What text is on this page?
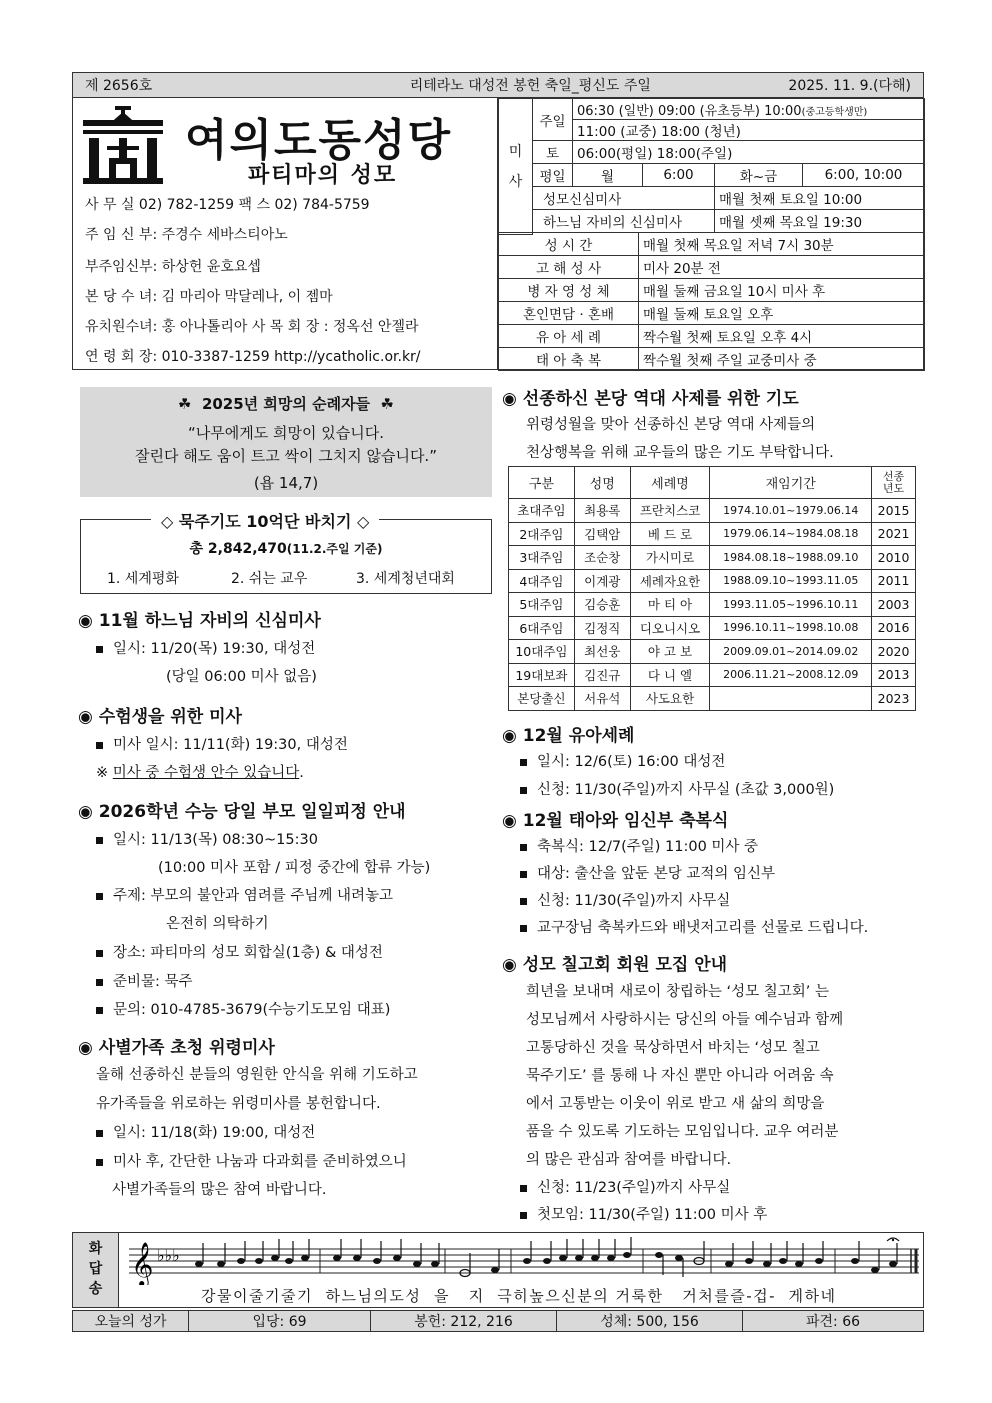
제 2656호	리테라노 대성전 봉헌 축일_평신도 주일	2025. 11. 9.(다해)
여의도동성당
파티마의 성모
사 무 실 02) 782-1259 팩 스 02) 784-5759
주 임 신 부: 주경수 세바스티아노
부주임신부: 하상헌 윤호요셉
본 당 수 녀: 김 마리아 막달레나, 이 젬마
유치원수녀: 홍 아나톨리아 사 목 회 장 : 정옥선 안젤라
연 령 회 장: 010-3387-1259 http://ycatholic.or.kr/
미
사	주일	06:30 (일반) 09:00 (유초등부) 10:00(중고등학생만)			
		11:00 (교중) 18:00 (청년)			
	토	06:00(평일) 18:00(주일)			
	평일	월	6:00	화~금	6:00, 10:00
	성모신심미사			매월 첫째 토요일 10:00	
	하느님 자비의 신심미사			매월 셋째 목요일 19:30	

성 시 간	매월 첫째 목요일 저녁 7시 30분
고 해 성 사	미사 20분 전
병 자 영 성 체	매월 둘째 금요일 10시 미사 후
혼인면담 · 혼배	매월 둘째 토요일 오후
유 아 세 례	짝수월 첫째 토요일 오후 4시
태 아 축 복	짝수월 첫째 주일 교중미사 중
☘ 2025년 희망의 순례자들 ☘
“나무에게도 희망이 있습니다.
잘린다 해도 움이 트고 싹이 그치지 않습니다.”
(욥 14,7)
◇ 묵주기도 10억단 바치기 ◇
총 2,842,470(11.2.주일 기준)
1. 세계평화	2. 쉬는 교우	3. 세계청년대회
◉ 11월 하느님 자비의 신심미사
일시: 11/20(목) 19:30, 대성전
(당일 06:00 미사 없음)
◉ 수험생을 위한 미사
미사 일시: 11/11(화) 19:30, 대성전
※ 미사 중 수험생 안수 있습니다.
◉ 2026학년 수능 당일 부모 일일피정 안내
일시: 11/13(목) 08:30~15:30
(10:00 미사 포함 / 피정 중간에 합류 가능)
주제: 부모의 불안과 염려를 주님께 내려놓고
온전히 의탁하기
장소: 파티마의 성모 회합실(1층) & 대성전
준비물: 묵주
문의: 010-4785-3679(수능기도모임 대표)
◉ 사별가족 초청 위령미사
올해 선종하신 분들의 영원한 안식을 위해 기도하고
유가족들을 위로하는 위령미사를 봉헌합니다.
일시: 11/18(화) 19:00, 대성전
미사 후, 간단한 나눔과 다과회를 준비하였으니
사별가족들의 많은 참여 바랍니다.
◉ 선종하신 본당 역대 사제를 위한 기도
위령성월을 맞아 선종하신 본당 역대 사제들의
천상행복을 위해 교우들의 많은 기도 부탁합니다.
구분	성명	세례명	재임기간	선종
년도
초대주임	최용록	프란치스코	1974.10.01~1979.06.14	2015
2대주임	김택암	베 드 로	1979.06.14~1984.08.18	2021
3대주임	조순창	가시미로	1984.08.18~1988.09.10	2010
4대주임	이계광	세례자요한	1988.09.10~1993.11.05	2011
5대주임	김승훈	마 티 아	1993.11.05~1996.10.11	2003
6대주임	김정직	디오니시오	1996.10.11~1998.10.08	2016
10대주임	최선웅	야 고 보	2009.09.01~2014.09.02	2020
19대보좌	김진규	다 니 엘	2006.11.21~2008.12.09	2013
본당출신	서유석	사도요한		2023
◉ 12월 유아세례
일시: 12/6(토) 16:00 대성전
신청: 11/30(주일)까지 사무실 (초값 3,000원)
◉ 12월 태아와 임신부 축복식
축복식: 12/7(주일) 11:00 미사 중
대상: 출산을 앞둔 본당 교적의 임신부
신청: 11/30(주일)까지 사무실
교구장님 축복카드와 배냇저고리를 선물로 드립니다.
◉ 성모 칠고회 회원 모집 안내
희년을 보내며 새로이 창립하는 ‘성모 칠고회’ 는
성모님께서 사랑하시는 당신의 아들 예수님과 함께
고통당하신 것을 묵상하면서 바치는 ‘성모 칠고
묵주기도’ 를 통해 나 자신 뿐만 아니라 어려움 속
에서 고통받는 이웃이 위로 받고 새 삶의 희망을
품을 수 있도록 기도하는 모임입니다. 교우 여러분
의 많은 관심과 참여를 바랍니다.
신청: 11/23(주일)까지 사무실
첫모임: 11/30(주일) 11:00 미사 후
화
답
송
𝄞 ♭♭♭
강물이줄기줄기  하느님의도성  을   지  극히높으신분의 거룩한   거처를즐-겁-  게하네
오늘의 성가	입당: 69	봉헌: 212, 216	성체: 500, 156	파견: 66
